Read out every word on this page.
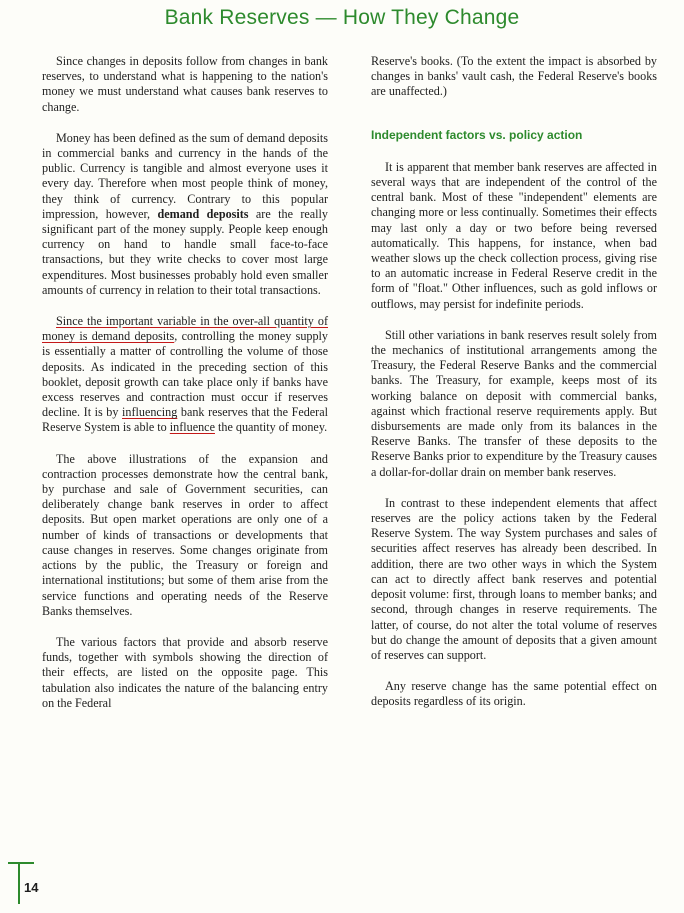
Bank Reserves — How They Change

Since changes in deposits follow from changes in bank reserves, to understand what is happening to the nation's money we must understand what causes bank reserves to change.

Money has been defined as the sum of demand deposits in commercial banks and currency in the hands of the public. Currency is tangible and almost everyone uses it every day. Therefore when most people think of money, they think of currency. Contrary to this popular impression, however, demand deposits are the really significant part of the money supply. People keep enough currency on hand to handle small face-to-face transactions, but they write checks to cover most large expenditures. Most businesses probably hold even smaller amounts of currency in relation to their total transactions.

Since the important variable in the over-all quantity of money is demand deposits, controlling the money supply is essentially a matter of controlling the volume of those deposits. As indicated in the preceding section of this booklet, deposit growth can take place only if banks have excess reserves and contraction must occur if reserves decline. It is by influencing bank reserves that the Federal Reserve System is able to influence the quantity of money.

The above illustrations of the expansion and contraction processes demonstrate how the central bank, by purchase and sale of Government securities, can deliberately change bank reserves in order to affect deposits. But open market operations are only one of a number of kinds of transactions or developments that cause changes in reserves. Some changes originate from actions by the public, the Treasury or foreign and international institutions; but some of them arise from the service functions and operating needs of the Reserve Banks themselves.

The various factors that provide and absorb reserve funds, together with symbols showing the direction of their effects, are listed on the opposite page. This tabulation also indicates the nature of the balancing entry on the Federal

Reserve's books. (To the extent the impact is absorbed by changes in banks' vault cash, the Federal Reserve's books are unaffected.)

Independent factors vs. policy action

It is apparent that member bank reserves are affected in several ways that are independent of the control of the central bank. Most of these "independent" elements are changing more or less continually. Sometimes their effects may last only a day or two before being reversed automatically. This happens, for instance, when bad weather slows up the check collection process, giving rise to an automatic increase in Federal Reserve credit in the form of "float." Other influences, such as gold inflows or outflows, may persist for indefinite periods.

Still other variations in bank reserves result solely from the mechanics of institutional arrangements among the Treasury, the Federal Reserve Banks and the commercial banks. The Treasury, for example, keeps most of its working balance on deposit with commercial banks, against which fractional reserve requirements apply. But disbursements are made only from its balances in the Reserve Banks. The transfer of these deposits to the Reserve Banks prior to expenditure by the Treasury causes a dollar-for-dollar drain on member bank reserves.

In contrast to these independent elements that affect reserves are the policy actions taken by the Federal Reserve System. The way System purchases and sales of securities affect reserves has already been described. In addition, there are two other ways in which the System can act to directly affect bank reserves and potential deposit volume: first, through loans to member banks; and second, through changes in reserve requirements. The latter, of course, do not alter the total volume of reserves but do change the amount of deposits that a given amount of reserves can support.

Any reserve change has the same potential effect on deposits regardless of its origin.

14
